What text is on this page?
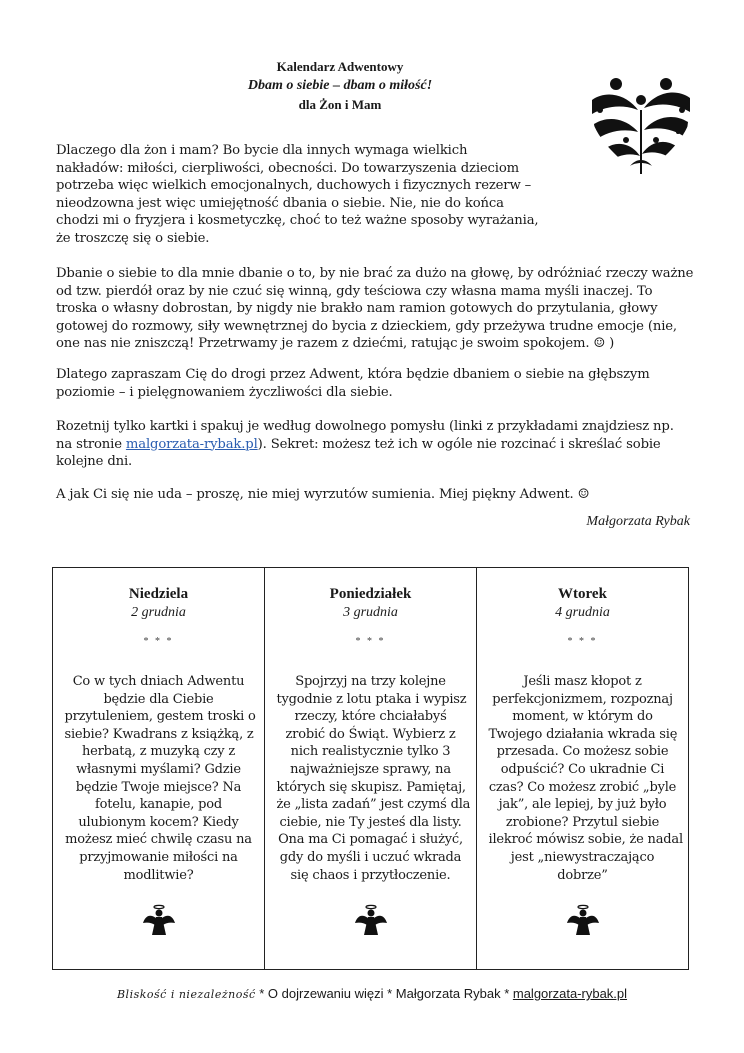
Kalendarz Adwentowy
Dbam o siebie – dbam o miłość!
dla Żon i Mam
Dlaczego dla żon i mam? Bo bycie dla innych wymaga wielkich
nakładów: miłości, cierpliwości, obecności. Do towarzyszenia dzieciom
potrzeba więc wielkich emocjonalnych, duchowych i fizycznych rezerw –
nieodzowna jest więc umiejętność dbania o siebie. Nie, nie do końca
chodzi mi o fryzjera i kosmetyczkę, choć to też ważne sposoby wyrażania,
że troszczę się o siebie.
Dbanie o siebie to dla mnie dbanie o to, by nie brać za dużo na głowę, by odróżniać rzeczy ważne
od tzw. pierdół oraz by nie czuć się winną, gdy teściowa czy własna mama myśli inaczej. To
troska o własny dobrostan, by nigdy nie brakło nam ramion gotowych do przytulania, głowy
gotowej do rozmowy, siły wewnętrznej do bycia z dzieckiem, gdy przeżywa trudne emocje (nie,
one nas nie zniszczą! Przetrwamy je razem z dziećmi, ratując je swoim spokojem. ☺ )
Dlatego zapraszam Cię do drogi przez Adwent, która będzie dbaniem o siebie na głębszym
poziomie – i pielęgnowaniem życzliwości dla siebie.
Rozetnij tylko kartki i spakuj je według dowolnego pomysłu (linki z przykładami znajdziesz np.
na stronie malgorzata-rybak.pl). Sekret: możesz też ich w ogóle nie rozcinać i skreślać sobie
kolejne dni.
A jak Ci się nie uda – proszę, nie miej wyrzutów sumienia. Miej piękny Adwent. ☺
Małgorzata Rybak
Niedziela
2 grudnia
* * *
Co w tych dniach Adwentu
będzie dla Ciebie
przytuleniem, gestem troski o
siebie? Kwadrans z książką, z
herbatą, z muzyką czy z
własnymi myślami? Gdzie
będzie Twoje miejsce? Na
fotelu, kanapie, pod
ulubionym kocem? Kiedy
możesz mieć chwilę czasu na
przyjmowanie miłości na
modlitwie?
Poniedziałek
3 grudnia
* * *
Spojrzyj na trzy kolejne
tygodnie z lotu ptaka i wypisz
rzeczy, które chciałabyś
zrobić do Świąt. Wybierz z
nich realistycznie tylko 3
najważniejsze sprawy, na
których się skupisz. Pamiętaj,
że „lista zadań” jest czymś dla
ciebie, nie Ty jesteś dla listy.
Ona ma Ci pomagać i służyć,
gdy do myśli i uczuć wkrada
się chaos i przytłoczenie.
Wtorek
4 grudnia
* * *
Jeśli masz kłopot z
perfekcjonizmem, rozpoznaj
moment, w którym do
Twojego działania wkrada się
przesada. Co możesz sobie
odpuścić? Co ukradnie Ci
czas? Co możesz zrobić „byle
jak”, ale lepiej, by już było
zrobione? Przytul siebie
ilekroć mówisz sobie, że nadal
jest „niewystraczająco
dobrze”
Bliskość i niezależność * O dojrzewaniu więzi * Małgorzata Rybak * malgorzata-rybak.pl
